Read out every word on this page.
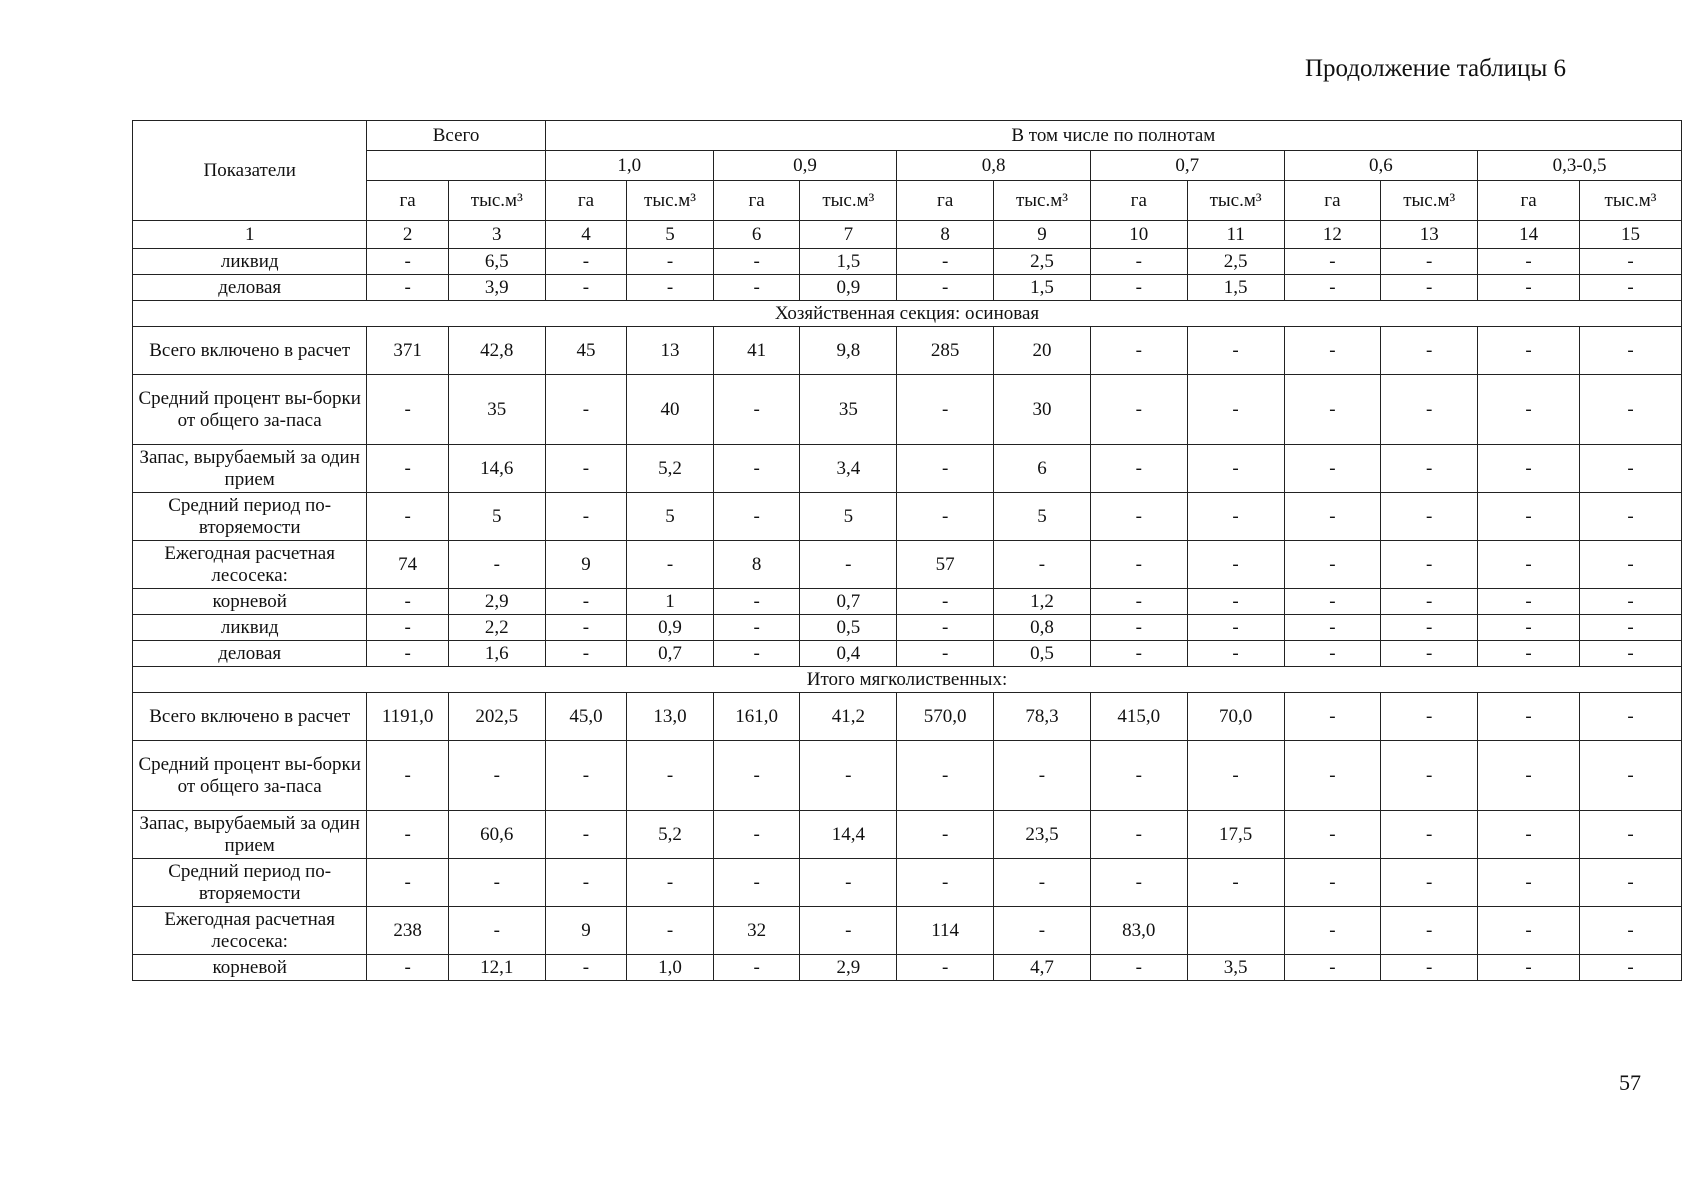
Продолжение таблицы 6
Показатели	Всего		В том числе по полнотам											
			1,0		0,9		0,8		0,7		0,6		0,3-0,5	
	га	тыс.м³	га	тыс.м³	га	тыс.м³	га	тыс.м³	га	тыс.м³	га	тыс.м³	га	тыс.м³
1	2	3	4	5	6	7	8	9	10	11	12	13	14	15
ликвид	-	6,5	-	-	-	1,5	-	2,5	-	2,5	-	-	-	-
деловая	-	3,9	-	-	-	0,9	-	1,5	-	1,5	-	-	-	-
Хозяйственная секция: осиновая														
Всего включено в расчет	371	42,8	45	13	41	9,8	285	20	-	-	-	-	-	-
Средний процент вы-борки от общего за-паса	-	35	-	40	-	35	-	30	-	-	-	-	-	-
Запас, вырубаемый за один прием	-	14,6	-	5,2	-	3,4	-	6	-	-	-	-	-	-
Средний период по-вторяемости	-	5	-	5	-	5	-	5	-	-	-	-	-	-
Ежегодная расчетная лесосека:	74	-	9	-	8	-	57	-	-	-	-	-	-	-
корневой	-	2,9	-	1	-	0,7	-	1,2	-	-	-	-	-	-
ликвид	-	2,2	-	0,9	-	0,5	-	0,8	-	-	-	-	-	-
деловая	-	1,6	-	0,7	-	0,4	-	0,5	-	-	-	-	-	-
Итого мягколиственных:														
Всего включено в расчет	1191,0	202,5	45,0	13,0	161,0	41,2	570,0	78,3	415,0	70,0	-	-	-	-
Средний процент вы-борки от общего за-паса	-	-	-	-	-	-	-	-	-	-	-	-	-	-
Запас, вырубаемый за один прием	-	60,6	-	5,2	-	14,4	-	23,5	-	17,5	-	-	-	-
Средний период по-вторяемости	-	-	-	-	-	-	-	-	-	-	-	-	-	-
Ежегодная расчетная лесосека:	238	-	9	-	32	-	114	-	83,0		-	-	-	-
корневой	-	12,1	-	1,0	-	2,9	-	4,7	-	3,5	-	-	-	-
57
